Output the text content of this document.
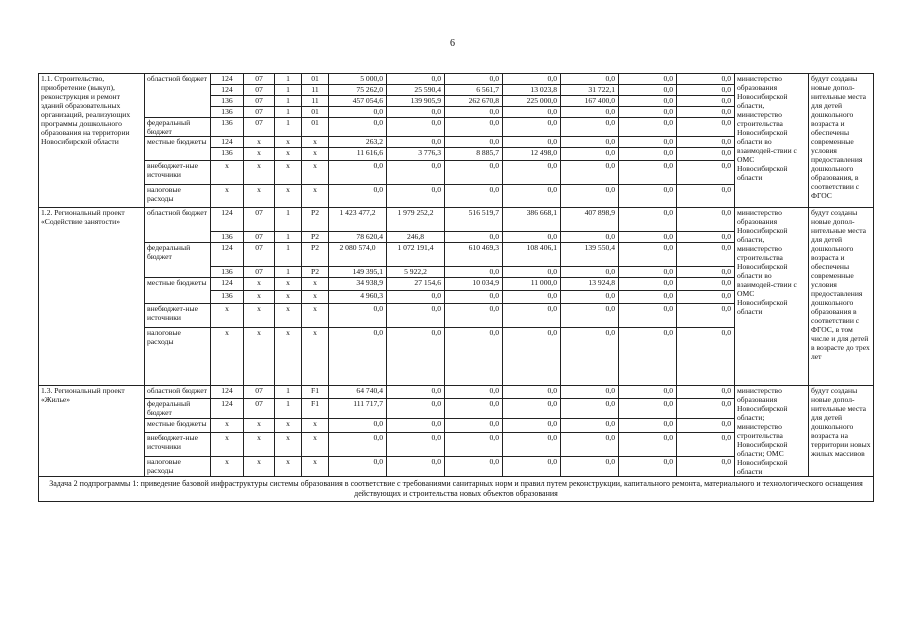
6
1.1. Строительство, приобретение (выкуп), реконструкция и ремонт зданий образовательных организаций, реализующих программы дошкольного образования на территории Новосибирской области	областной бюджет	124	07	1	01	5 000,0	0,0	0,0	0,0	0,0	0,0	0,0	министерство образования Новосибирской области, министерство строительства Новосибирской области во взаимодей-ствии с ОМС Новосибирской области	будут созданы новые допол-нительные места для детей дошкольного возраста и обеспечены современные условия предоставления дошкольного образования, в соответствии с ФГОС
		124	07	1	11	75 262,0	25 590,4	6 561,7	13 023,8	31 722,1	0,0	0,0		
		136	07	1	11	457 054,6	139 905,9	262 670,8	225 000,0	167 400,0	0,0	0,0		
		136	07	1	01	0,0	0,0	0,0	0,0	0,0	0,0	0,0		
	федеральный бюджет	136	07	1	01	0,0	0,0	0,0	0,0	0,0	0,0	0,0		
	местные бюджеты	124	x	x	x	263,2	0,0	0,0	0,0	0,0	0,0	0,0		
		136	x	x	x	11 616,6	3 776,3	8 885,7	12 498,0	0,0	0,0	0,0		
	внебюджет-ные источники	x	x	x	x	0,0	0,0	0,0	0,0	0,0	0,0	0,0		
	налоговые расходы	x	x	x	x	0,0	0,0	0,0	0,0	0,0	0,0	0,0		
1.2. Региональный проект «Содействие занятости»	областной бюджет	124	07	1	P2	1 423 477,2	1 979 252,2	516 519,7	386 668,1	407 898,9	0,0	0,0	министерство образования Новосибирской области, министерство строительства Новосибирской области во взаимодей-ствии с ОМС Новосибирской области	будут созданы новые допол-нительные места для детей дошкольного возраста и обеспечены современные условия предоставления дошкольного образования в соответствии с ФГОС, в том числе и для детей в возрасте до трех лет
		136	07	1	P2	78 620,4	246,8	0,0	0,0	0,0	0,0	0,0		
	федеральный бюджет	124	07	1	P2	2 080 574,0	1 072 191,4	610 469,3	108 406,1	139 550,4	0,0	0,0		
		136	07	1	P2	149 395,1	5 922,2	0,0	0,0	0,0	0,0	0,0		
	местные бюджеты	124	x	x	x	34 938,9	27 154,6	10 034,9	11 000,0	13 924,8	0,0	0,0		
		136	x	x	x	4 960,3	0,0	0,0	0,0	0,0	0,0	0,0		
	внебюджет-ные источники	x	x	x	x	0,0	0,0	0,0	0,0	0,0	0,0	0,0		
	налоговые расходы	x	x	x	x	0,0	0,0	0,0	0,0	0,0	0,0	0,0		
1.3. Региональный проект «Жилье»	областной бюджет	124	07	1	F1	64 740,4	0,0	0,0	0,0	0,0	0,0	0,0	министерство образования Новосибирской области; министерство строительства Новосибирской области; ОМС Новосибирской области	будут созданы новые допол-нительные места для детей дошкольного возраста на территории новых жилых массивов
	федеральный бюджет	124	07	1	F1	111 717,7	0,0	0,0	0,0	0,0	0,0	0,0		
	местные бюджеты	x	x	x	x	0,0	0,0	0,0	0,0	0,0	0,0	0,0		
	внебюджет-ные источники	x	x	x	x	0,0	0,0	0,0	0,0	0,0	0,0	0,0		
	налоговые расходы	x	x	x	x	0,0	0,0	0,0	0,0	0,0	0,0	0,0		
Задача 2 подпрограммы 1: приведение базовой инфраструктуры системы образования в соответствие с требованиями санитарных норм и правил путем реконструкции, капитального ремонта, материального и технологического оснащения действующих и строительства новых объектов образования														
